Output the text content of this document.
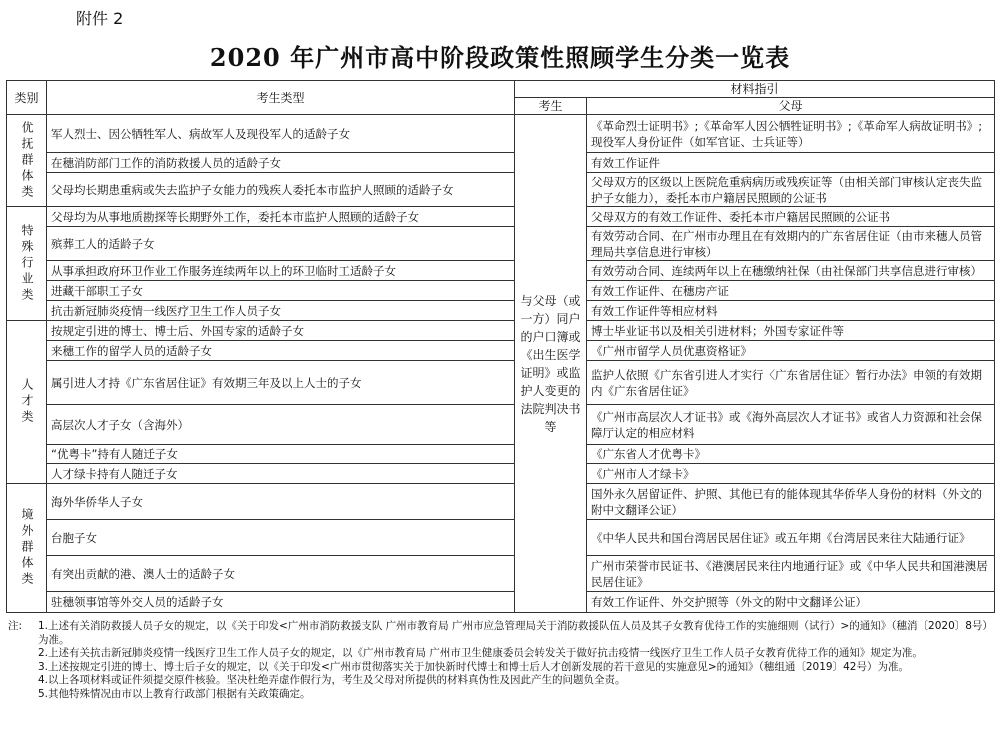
附件 2
2020 年广州市高中阶段政策性照顾学生分类一览表
类别	考生类型	材料指引	
		考生	父母
优抚群体类	军人烈士、因公牺牲军人、病故军人及现役军人的适龄子女	与父母（或一方）同户的户口簿或《出生医学证明》或监护人变更的法院判决书等	《革命烈士证明书》;《革命军人因公牺牲证明书》;《革命军人病故证明书》;现役军人身份证件（如军官证、士兵证等）
	在穗消防部门工作的消防救援人员的适龄子女		有效工作证件
	父母均长期患重病或失去监护子女能力的残疾人委托本市监护人照顾的适龄子女		父母双方的区级以上医院危重病病历或残疾证等（由相关部门审核认定丧失监护子女能力），委托本市户籍居民照顾的公证书
特殊行业类	父母均为从事地质勘探等长期野外工作，委托本市监护人照顾的适龄子女		父母双方的有效工作证件、委托本市户籍居民照顾的公证书
	殡葬工人的适龄子女		有效劳动合同、在广州市办理且在有效期内的广东省居住证（由市来穗人员管理局共享信息进行审核）
	从事承担政府环卫作业工作服务连续两年以上的环卫临时工适龄子女		有效劳动合同、连续两年以上在穗缴纳社保（由社保部门共享信息进行审核）
	进藏干部职工子女		有效工作证件、在穗房产证
	抗击新冠肺炎疫情一线医疗卫生工作人员子女		有效工作证件等相应材料
人才类	按规定引进的博士、博士后、外国专家的适龄子女		博士毕业证书以及相关引进材料；外国专家证件等
	来穗工作的留学人员的适龄子女		《广州市留学人员优惠资格证》
	属引进人才持《广东省居住证》有效期三年及以上人士的子女		监护人依照《广东省引进人才实行〈广东省居住证〉暂行办法》申领的有效期内《广东省居住证》
	高层次人才子女（含海外）		《广州市高层次人才证书》或《海外高层次人才证书》或省人力资源和社会保障厅认定的相应材料
	“优粤卡”持有人随迁子女		《广东省人才优粤卡》
	人才绿卡持有人随迁子女		《广州市人才绿卡》
境外群体类	海外华侨华人子女		国外永久居留证件、护照、其他已有的能体现其华侨华人身份的材料（外文的附中文翻译公证）
	台胞子女		《中华人民共和国台湾居民居住证》或五年期《台湾居民来往大陆通行证》
	有突出贡献的港、澳人士的适龄子女		广州市荣誉市民证书、《港澳居民来往内地通行证》或《中华人民共和国港澳居民居住证》
	驻穗领事馆等外交人员的适龄子女		有效工作证件、外交护照等（外文的附中文翻译公证）
注:	1.上述有关消防救援人员子女的规定，以《关于印发<广州市消防救援支队 广州市教育局 广州市应急管理局关于消防救援队伍人员及其子女教育优待工作的实施细则（试行）>的通知》（穗消〔2020〕8号）为准。
2.上述有关抗击新冠肺炎疫情一线医疗卫生工作人员子女的规定，以《广州市教育局 广州市卫生健康委员会转发关于做好抗击疫情一线医疗卫生工作人员子女教育优待工作的通知》规定为准。
3.上述按规定引进的博士、博士后子女的规定，以《关于印发<广州市贯彻落实关于加快新时代博士和博士后人才创新发展的若干意见的实施意见>的通知》（穗组通〔2019〕42号）为准。
4.以上各项材料或证件须提交原件核验。坚决杜绝弄虚作假行为，考生及父母对所提供的材料真伪性及因此产生的问题负全责。
5.其他特殊情况由市以上教育行政部门根据有关政策确定。
